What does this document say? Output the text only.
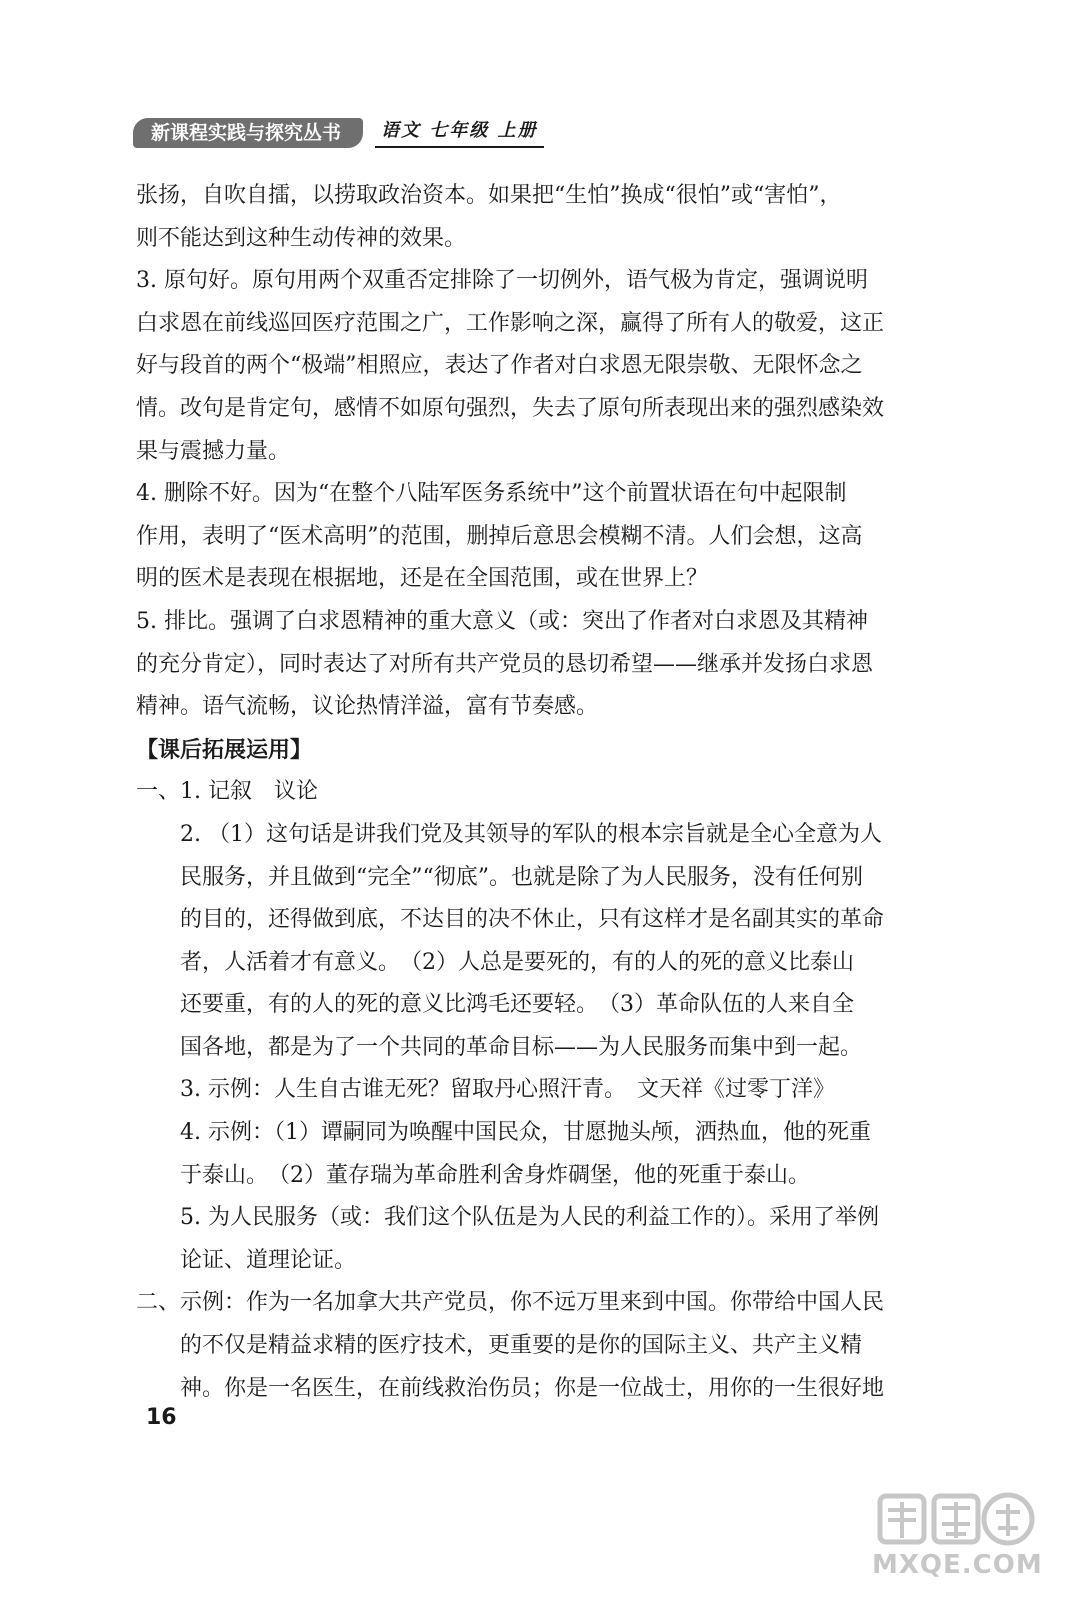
新课程实践与探究丛书	语文 七年级 上册
张扬，自吹自擂，以捞取政治资本。如果把“生怕”换成“很怕”或“害怕”，
则不能达到这种生动传神的效果。
3. 原句好。原句用两个双重否定排除了一切例外，语气极为肯定，强调说明
白求恩在前线巡回医疗范围之广，工作影响之深，赢得了所有人的敬爱，这正
好与段首的两个“极端”相照应，表达了作者对白求恩无限崇敬、无限怀念之
情。改句是肯定句，感情不如原句强烈，失去了原句所表现出来的强烈感染效
果与震撼力量。
4. 删除不好。因为“在整个八陆军医务系统中”这个前置状语在句中起限制
作用，表明了“医术高明”的范围，删掉后意思会模糊不清。人们会想，这高
明的医术是表现在根据地，还是在全国范围，或在世界上？
5. 排比。强调了白求恩精神的重大意义（或：突出了作者对白求恩及其精神
的充分肯定），同时表达了对所有共产党员的恳切希望——继承并发扬白求恩
精神。语气流畅，议论热情洋溢，富有节奏感。
【课后拓展运用】
一、1. 记叙　议论
2. （1）这句话是讲我们党及其领导的军队的根本宗旨就是全心全意为人
民服务，并且做到“完全”“彻底”。也就是除了为人民服务，没有任何别
的目的，还得做到底，不达目的决不休止，只有这样才是名副其实的革命
者，人活着才有意义。　（2）人总是要死的，有的人的死的意义比泰山
还要重，有的人的死的意义比鸿毛还要轻。　（3）革命队伍的人来自全
国各地，都是为了一个共同的革命目标——为人民服务而集中到一起。
3. 示例：人生自古谁无死？留取丹心照汗青。　文天祥《过零丁洋》
4. 示例：（1）谭嗣同为唤醒中国民众，甘愿抛头颅，洒热血，他的死重
于泰山。　（2）董存瑞为革命胜利舍身炸碉堡，他的死重于泰山。
5. 为人民服务（或：我们这个队伍是为人民的利益工作的）。采用了举例
论证、道理论证。
二、示例：作为一名加拿大共产党员，你不远万里来到中国。你带给中国人民
的不仅是精益求精的医疗技术，更重要的是你的国际主义、共产主义精
神。你是一名医生，在前线救治伤员；你是一位战士，用你的一生很好地
16
MXQE.COM
